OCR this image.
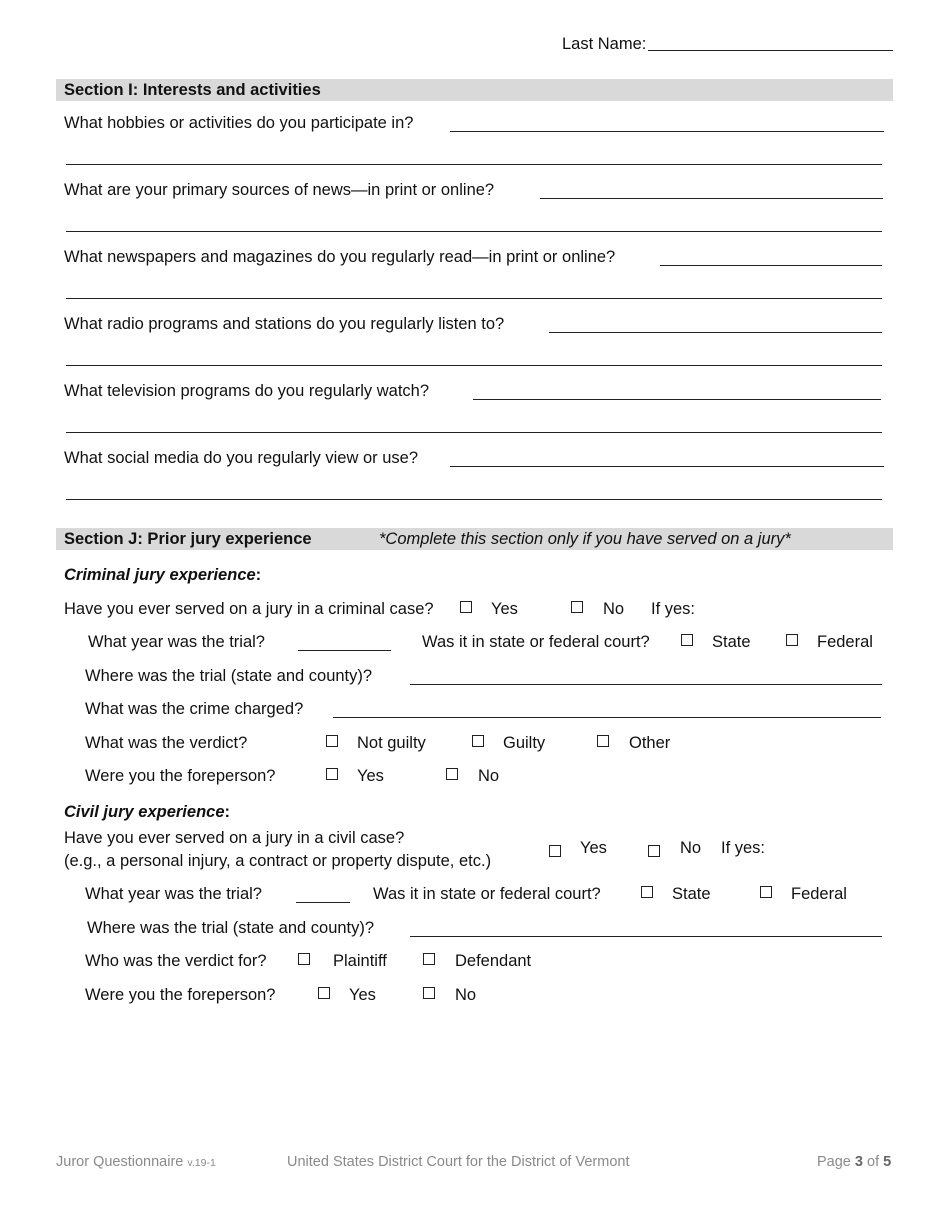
Last Name:
Section I: Interests and activities
What hobbies or activities do you participate in?
What are your primary sources of news—in print or online?
What newspapers and magazines do you regularly read—in print or online?
What radio programs and stations do you regularly listen to?
What television programs do you regularly watch?
What social media do you regularly view or use?
Section J: Prior jury experience	*Complete this section only if you have served on a jury*
Criminal jury experience:
Have you ever served on a jury in a criminal case?	Yes	No If yes:
What year was the trial?	Was it in state or federal court?	State	Federal
Where was the trial (state and county)?
What was the crime charged?
What was the verdict?	Not guilty	Guilty	Other
Were you the foreperson?	Yes	No
Civil jury experience:
Have you ever served on a jury in a civil case?
(e.g., a personal injury, a contract or property dispute, etc.)
Yes	No If yes:
What year was the trial?	Was it in state or federal court?	State	Federal
Where was the trial (state and county)?
Who was the verdict for?	Plaintiff	Defendant
Were you the foreperson?	Yes	No
Juror Questionnaire v.19-1	United States District Court for the District of Vermont	Page 3 of 5
